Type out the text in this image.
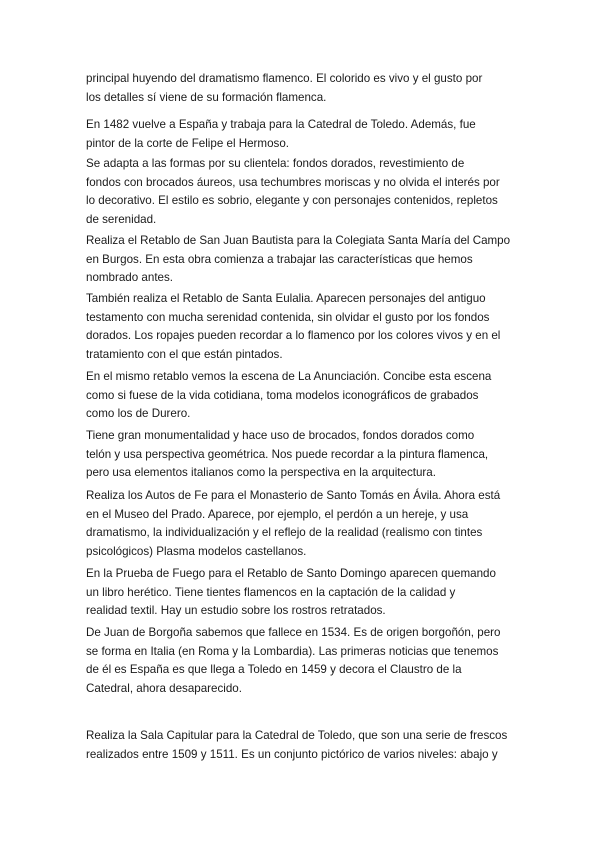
principal huyendo del dramatismo flamenco. El colorido es vivo y el gusto por
los detalles sí viene de su formación flamenca.

En 1482 vuelve a España y trabaja para la Catedral de Toledo. Además, fue
pintor de la corte de Felipe el Hermoso.

Se adapta a las formas por su clientela: fondos dorados, revestimiento de
fondos con brocados áureos, usa techumbres moriscas y no olvida el interés por
lo decorativo. El estilo es sobrio, elegante y con personajes contenidos, repletos
de serenidad.

Realiza el Retablo de San Juan Bautista para la Colegiata Santa María del Campo
en Burgos. En esta obra comienza a trabajar las características que hemos
nombrado antes.

También realiza el Retablo de Santa Eulalia. Aparecen personajes del antiguo
testamento con mucha serenidad contenida, sin olvidar el gusto por los fondos
dorados. Los ropajes pueden recordar a lo flamenco por los colores vivos y en el
tratamiento con el que están pintados.

En el mismo retablo vemos la escena de La Anunciación. Concibe esta escena
como si fuese de la vida cotidiana, toma modelos iconográficos de grabados
como los de Durero.

Tiene gran monumentalidad y hace uso de brocados, fondos dorados como
telón y usa perspectiva geométrica. Nos puede recordar a la pintura flamenca,
pero usa elementos italianos como la perspectiva en la arquitectura.

Realiza los Autos de Fe para el Monasterio de Santo Tomás en Ávila. Ahora está
en el Museo del Prado. Aparece, por ejemplo, el perdón a un hereje, y usa
dramatismo, la individualización y el reflejo de la realidad (realismo con tintes
psicológicos) Plasma modelos castellanos.

En la Prueba de Fuego para el Retablo de Santo Domingo aparecen quemando
un libro herético. Tiene tientes flamencos en la captación de la calidad y
realidad textil. Hay un estudio sobre los rostros retratados.

De Juan de Borgoña sabemos que fallece en 1534. Es de origen borgoñón, pero
se forma en Italia (en Roma y la Lombardia). Las primeras noticias que tenemos
de él es España es que llega a Toledo en 1459 y decora el Claustro de la
Catedral, ahora desaparecido.

Realiza la Sala Capitular para la Catedral de Toledo, que son una serie de frescos
realizados entre 1509 y 1511. Es un conjunto pictórico de varios niveles: abajo y
